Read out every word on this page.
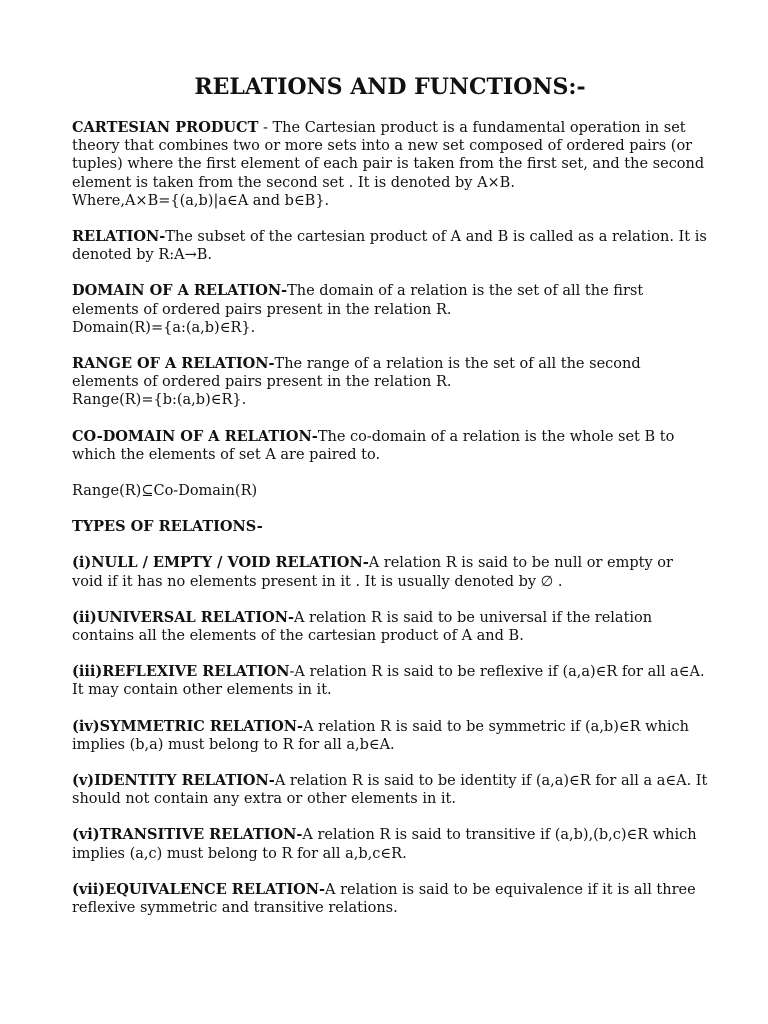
RELATIONS AND FUNCTIONS:-

CARTESIAN PRODUCT - The Cartesian product is a fundamental operation in set theory that combines two or more sets into a new set composed of ordered pairs (or tuples) where the first element of each pair is taken from the first set, and the second element is taken from the second set . It is denoted by A×B.
Where,A×B={(a,b)|a∈A and b∈B}.

RELATION-The subset of the cartesian product of A and B is called as a relation. It is denoted by R:A→B.

DOMAIN OF A RELATION-The domain of a relation is the set of all the first elements of ordered pairs present in the relation R.
Domain(R)={a:(a,b)∈R}.

RANGE OF A RELATION-The range of a relation is the set of all the second elements of ordered pairs present in the relation R.
Range(R)={b:(a,b)∈R}.

CO-DOMAIN OF A RELATION-The co-domain of a relation is the whole set B to which the elements of set A are paired to.

Range(R)⊆Co-Domain(R)

TYPES OF RELATIONS-

(i)NULL / EMPTY / VOID RELATION-A relation R is said to be null or empty or void if it has no elements present in it . It is usually denoted by ∅ .

(ii)UNIVERSAL RELATION-A relation R is said to be universal if the relation contains all the elements of the cartesian product of A and B.

(iii)REFLEXIVE RELATION-A relation R is said to be reflexive if (a,a)∈R for all a∈A. It may contain other elements in it.

(iv)SYMMETRIC RELATION-A relation R is said to be symmetric if (a,b)∈R which implies (b,a) must belong to R for all a,b∈A.

(v)IDENTITY RELATION-A relation R is said to be identity if (a,a)∈R for all a a∈A. It should not contain any extra or other elements in it.

(vi)TRANSITIVE RELATION-A relation R is said to transitive if (a,b),(b,c)∈R which implies (a,c) must belong to R for all a,b,c∈R.

(vii)EQUIVALENCE RELATION-A relation is said to be equivalence if it is all three reflexive symmetric and transitive relations.
